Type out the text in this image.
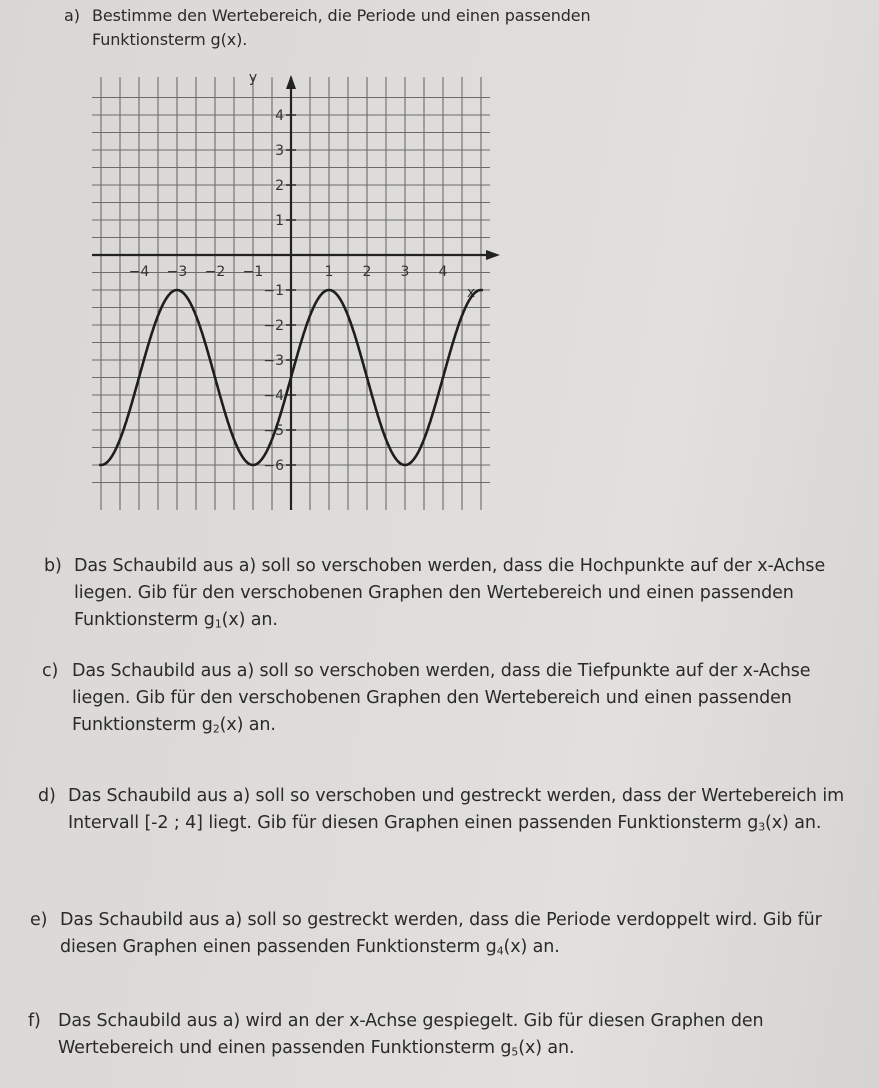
a) Bestimme den Wertebereich, die Periode und einen passenden Funktionsterm g(x).
−4 −3 −2 −1	1 2 3 4
4
3
2
1
−1
−2
−3
−4
−5
−6
y
x
b) Das Schaubild aus a) soll so verschoben werden, dass die Hochpunkte auf der x-Achse liegen. Gib für den verschobenen Graphen den Wertebereich und einen passenden Funktionsterm $g_1(x)$ an.
c) Das Schaubild aus a) soll so verschoben werden, dass die Tiefpunkte auf der x-Achse liegen. Gib für den verschobenen Graphen den Wertebereich und einen passenden Funktionsterm $g_2(x)$ an.
d) Das Schaubild aus a) soll so verschoben und gestreckt werden, dass der Wertebereich im Intervall [-2 ; 4] liegt. Gib für diesen Graphen einen passenden Funktionsterm $g_3(x)$ an.
e) Das Schaubild aus a) soll so gestreckt werden, dass die Periode verdoppelt wird. Gib für diesen Graphen einen passenden Funktionsterm $g_4(x)$ an.
f) Das Schaubild aus a) wird an der x-Achse gespiegelt. Gib für diesen Graphen den Wertebereich und einen passenden Funktionsterm $g_5(x)$ an.
